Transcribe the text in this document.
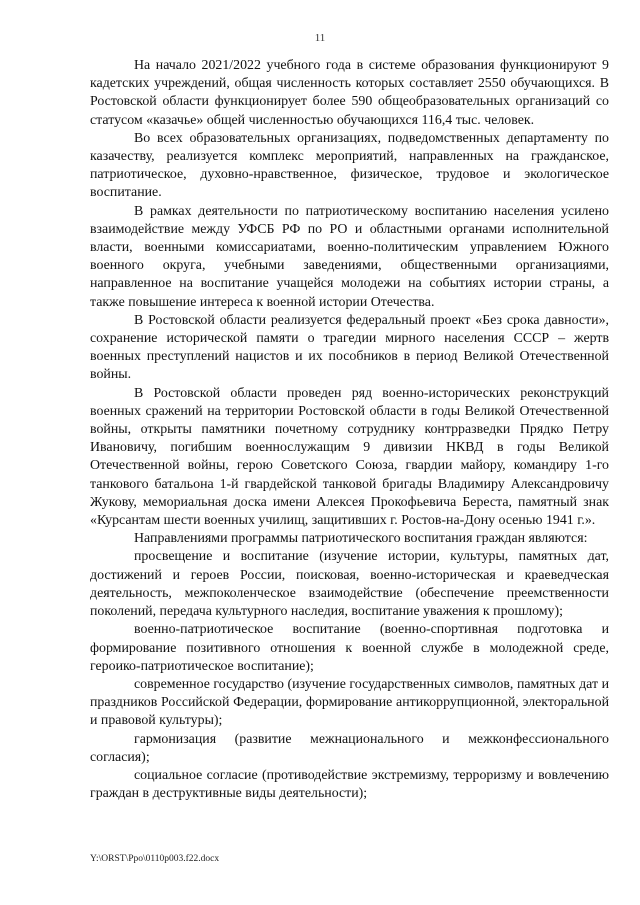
11

На начало 2021/2022 учебного года в системе образования функционируют 9 кадетских учреждений, общая численность которых составляет 2550 обучающихся. В Ростовской области функционирует более 590 общеобразовательных организаций со статусом «казачье» общей численностью обучающихся 116,4 тыс. человек.

Во всех образовательных организациях, подведомственных департаменту по казачеству, реализуется комплекс мероприятий, направленных на гражданское, патриотическое, духовно-нравственное, физическое, трудовое и экологическое воспитание.

В рамках деятельности по патриотическому воспитанию населения усилено взаимодействие между УФСБ РФ по РО и областными органами исполнительной власти, военными комиссариатами, военно-политическим управлением Южного военного округа, учебными заведениями, общественными организациями, направленное на воспитание учащейся молодежи на событиях истории страны, а также повышение интереса к военной истории Отечества.

В Ростовской области реализуется федеральный проект «Без срока давности», сохранение исторической памяти о трагедии мирного населения СССР – жертв военных преступлений нацистов и их пособников в период Великой Отечественной войны.

В Ростовской области проведен ряд военно-исторических реконструкций военных сражений на территории Ростовской области в годы Великой Отечественной войны, открыты памятники почетному сотруднику контрразведки Прядко Петру Ивановичу, погибшим военнослужащим 9 дивизии НКВД в годы Великой Отечественной войны, герою Советского Союза, гвардии майору, командиру 1-го танкового батальона 1-й гвардейской танковой бригады Владимиру Александровичу Жукову, мемориальная доска имени Алексея Прокофьевича Береста, памятный знак «Курсантам шести военных училищ, защитивших г. Ростов-на-Дону осенью 1941 г.».

Направлениями программы патриотического воспитания граждан являются:

просвещение и воспитание (изучение истории, культуры, памятных дат, достижений и героев России, поисковая, военно-историческая и краеведческая деятельность, межпоколенческое взаимодействие (обеспечение преемственности поколений, передача культурного наследия, воспитание уважения к прошлому);

военно-патриотическое воспитание (военно-спортивная подготовка и формирование позитивного отношения к военной службе в молодежной среде, героико-патриотическое воспитание);

современное государство (изучение государственных символов, памятных дат и праздников Российской Федерации, формирование антикоррупционной, электоральной и правовой культуры);

гармонизация (развитие межнационального и межконфессионального согласия);

социальное согласие (противодействие экстремизму, терроризму и вовлечению граждан в деструктивные виды деятельности);

Y:\ORST\Ppo\0110p003.f22.docx
